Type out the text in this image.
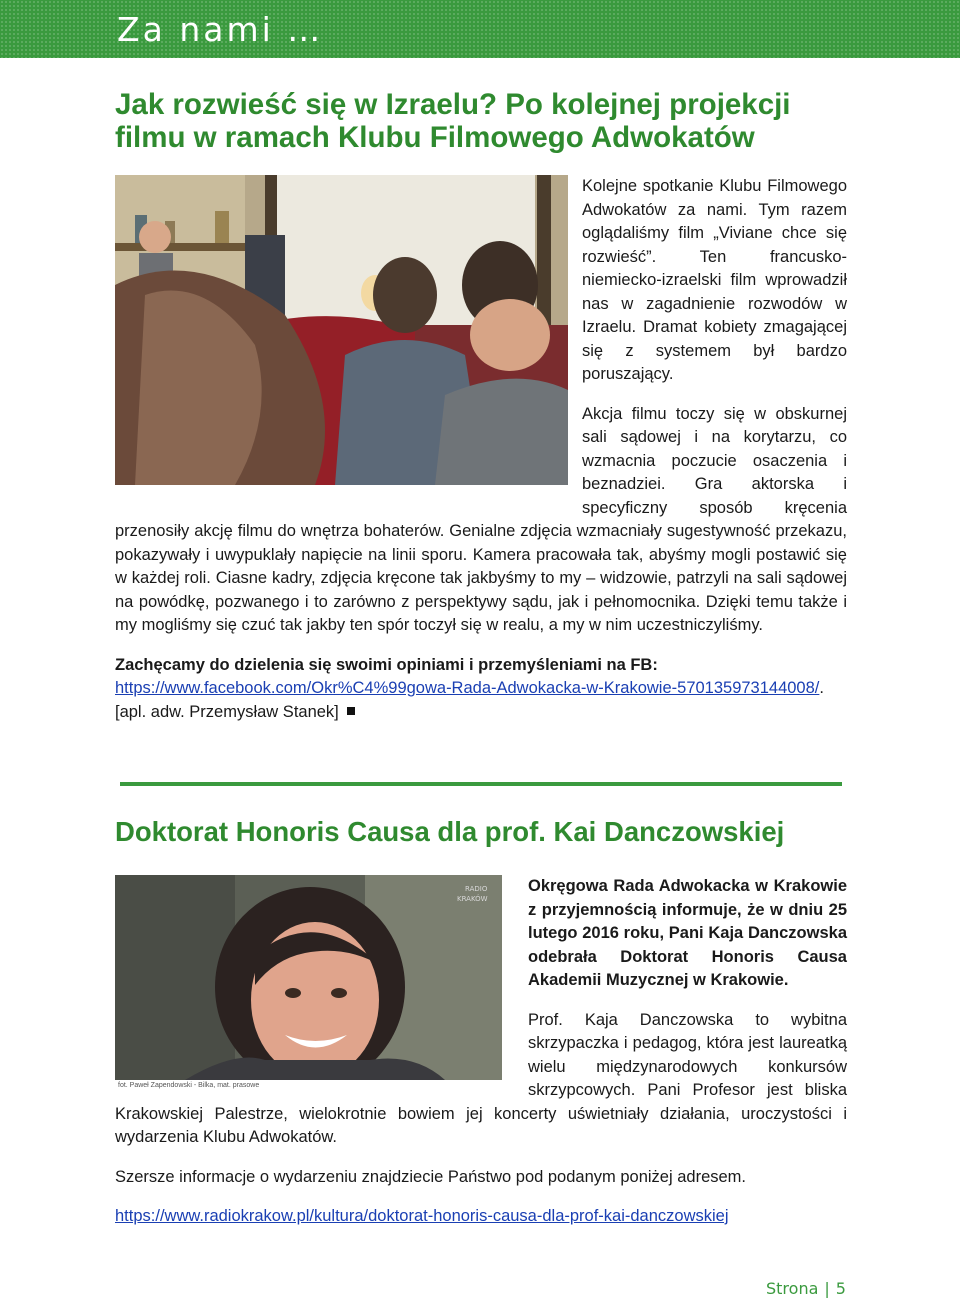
Za nami …
Jak rozwieść się w Izraelu? Po kolejnej projekcji filmu w ramach Klubu Filmowego Adwokatów

Kolejne spotkanie Klubu Filmowego Adwokatów za nami. Tym razem oglądaliśmy film „Viviane chce się rozwieść”. Ten francusko-niemiecko-izraelski film wprowadził nas w zagadnienie rozwodów w Izraelu. Dramat kobiety zmagającej się z systemem był bardzo poruszający.

Akcja filmu toczy się w obskurnej sali sądowej i na korytarzu, co wzmacnia poczucie osaczenia i beznadziei. Gra aktorska i specyficzny sposób kręcenia przenosiły akcję filmu do wnętrza bohaterów. Genialne zdjęcia wzmacniały sugestywność przekazu, pokazywały i uwypuklały napięcie na linii sporu. Kamera pracowała tak, abyśmy mogli postawić się w każdej roli. Ciasne kadry, zdjęcia kręcone tak jakbyśmy to my – widzowie, patrzyli na sali sądowej na powódkę, pozwanego i to zarówno z perspektywy sądu, jak i pełnomocnika. Dzięki temu także i my mogliśmy się czuć tak jakby ten spór toczył się w realu, a my w nim uczestniczyliśmy.

Zachęcamy do dzielenia się swoimi opiniami i przemyśleniami na FB:

https://www.facebook.com/Okr%C4%99gowa-Rada-Adwokacka-w-Krakowie-570135973144008/. [apl. adw. Przemysław Stanek]

Doktorat Honoris Causa dla prof. Kai Danczowskiej
RADIO
KRAKÓW
fot. Paweł Zapendowski - Bilka, mat. prasowe

Okręgowa Rada Adwokacka w Krakowie z przyjemnością informuje, że w dniu 25 lutego 2016 roku, Pani Kaja Danczowska odebrała Doktorat Honoris Causa Akademii Muzycznej w Krakowie.

Prof. Kaja Danczowska to wybitna skrzypaczka i pedagog, która jest laureatką wielu międzynarodowych konkursów skrzypcowych. Pani Profesor jest bliska Krakowskiej Palestrze, wielokrotnie bowiem jej koncerty uświetniały działania, uroczystości i wydarzenia Klubu Adwokatów.

Szersze informacje o wydarzeniu znajdziecie Państwo pod podanym poniżej adresem.

https://www.radiokrakow.pl/kultura/doktorat-honoris-causa-dla-prof-kai-danczowskiej

Strona | 5
